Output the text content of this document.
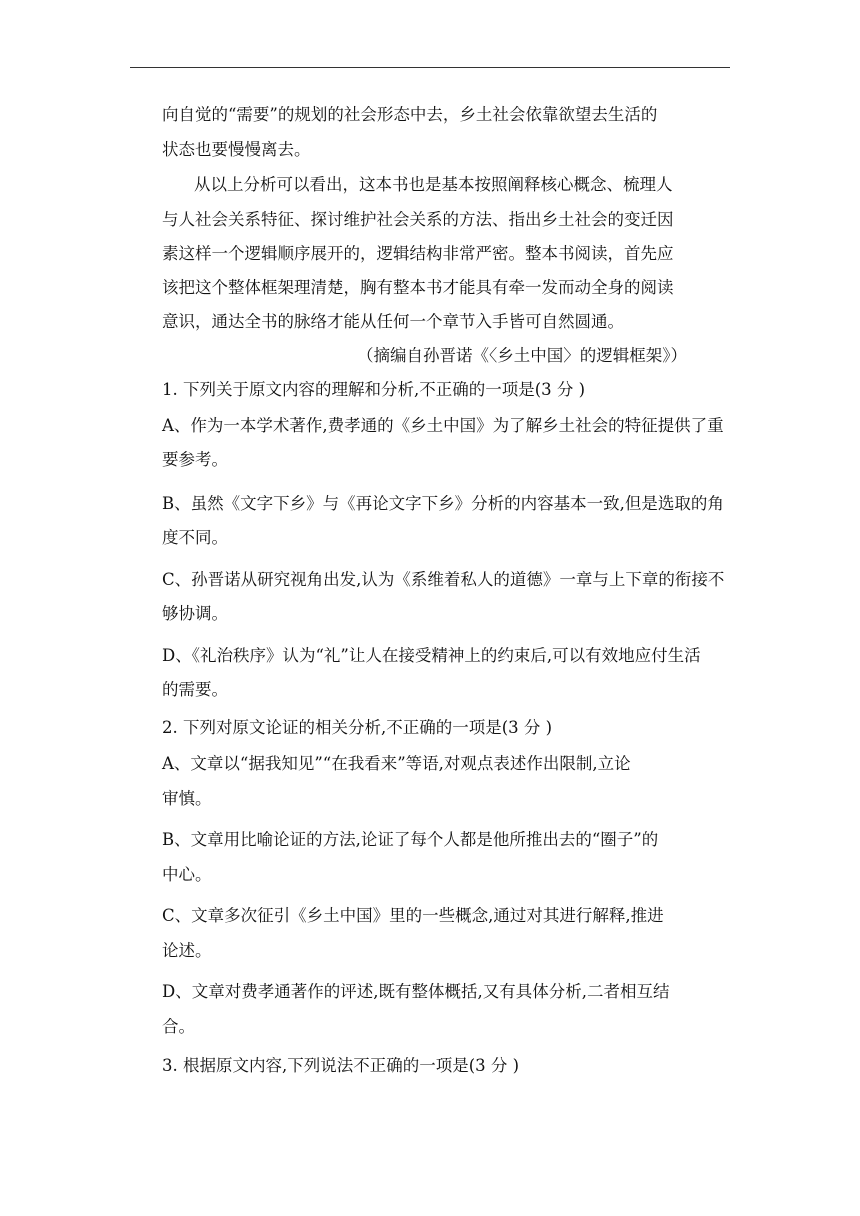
向自觉的“需要”的规划的社会形态中去，乡土社会依靠欲望去生活的
状态也要慢慢离去。
从以上分析可以看出，这本书也是基本按照阐释核心概念、梳理人
与人社会关系特征、探讨维护社会关系的方法、指出乡土社会的变迁因
素这样一个逻辑顺序展开的，逻辑结构非常严密。整本书阅读，首先应
该把这个整体框架理清楚，胸有整本书才能具有牵一发而动全身的阅读
意识，通达全书的脉络才能从任何一个章节入手皆可自然圆通。
（摘编自孙晋诺《〈乡土中国〉的逻辑框架》）
1. 下列关于原文内容的理解和分析,不正确的一项是(3 分 )
A、作为一本学术著作,费孝通的《乡土中国》为了解乡土社会的特征提供了重
要参考。
B、虽然《文字下乡》与《再论文字下乡》分析的内容基本一致,但是选取的角
度不同。
C、孙晋诺从研究视角出发,认为《系维着私人的道德》一章与上下章的衔接不
够协调。
D、《礼治秩序》认为“礼”让人在接受精神上的约束后,可以有效地应付生活
的需要。
2. 下列对原文论证的相关分析,不正确的一项是(3 分 )
A、文章以“据我知见”“在我看来”等语,对观点表述作出限制,立论
审慎。
B、文章用比喻论证的方法,论证了每个人都是他所推出去的“圈子”的
中心。
C、文章多次征引《乡土中国》里的一些概念,通过对其进行解释,推进
论述。
D、文章对费孝通著作的评述,既有整体概括,又有具体分析,二者相互结
合。
3. 根据原文内容,下列说法不正确的一项是(3 分 )
